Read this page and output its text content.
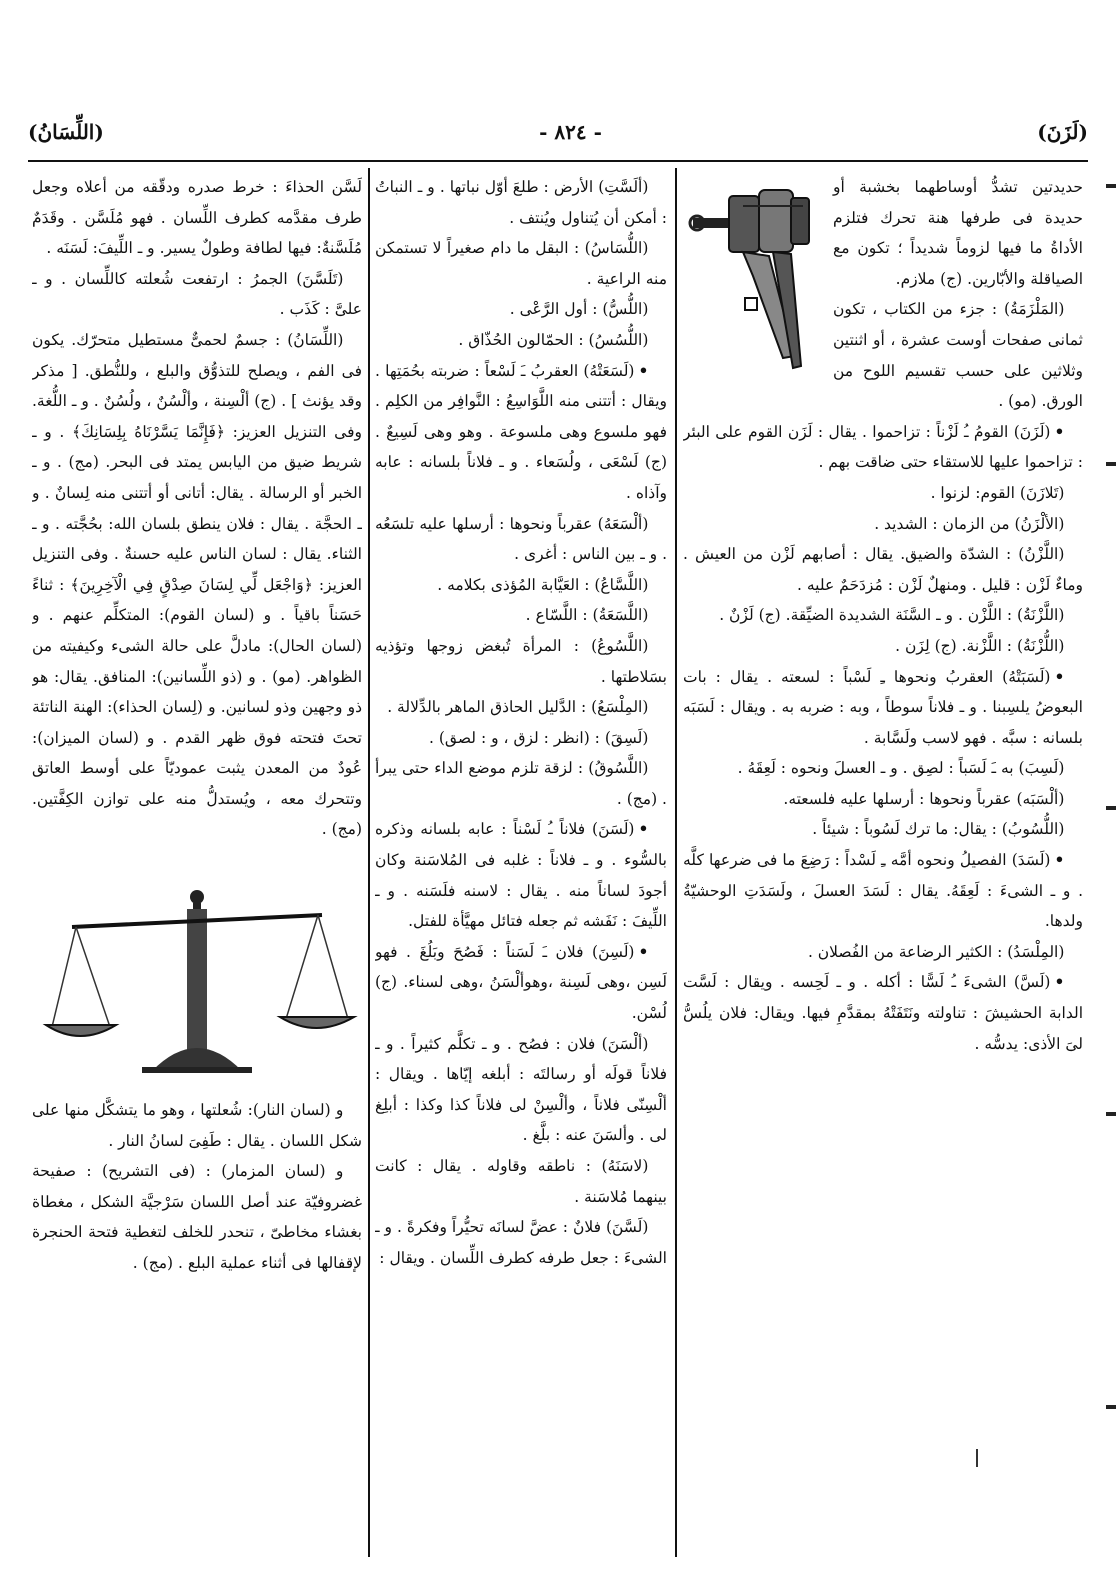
(اللِّسَانُ)	- ٨٢٤ -	(لَزَنَ)

حديدتين تشدُّ أوساطهما بخشبة أو حديدة فى طرفها هنة تحرك فتلزم الأداةُ ما فيها لزوماً شديداً ؛ تكون مع الصياقلة والأبّارين. (ج) ملازم.

(المَلْزَمَةُ) : جزء من الكتاب ، تكون ثمانى صفحات أوست عشرة ، أو اثنتين وثلاثين على حسب تقسيم اللوح من الورق. (مو) .

•(لَزَنَ) القومُ ـُ لَزْناً : تزاحموا . يقال : لَزَن القوم على البئر : تزاحموا عليها للاستقاء حتى ضاقت بهم .

(تَلازَنَ) القوم: لزنوا .

(الألْزَنُ) من الزمان : الشديد .

(اللَّزْنُ) : الشدّة والضيق. يقال : أصابهم لَزْن من العيش . وماءٌ لَزْن : قليل . ومنهلٌ لَزْن : مُزدَحَمٌ عليه .

(اللَّزْنَةُ) : اللَّزْن . و ـ السَّنَة الشديدة الضيِّقة. (ج) لَزْنٌ .

(اللُّزْنَةُ) : اللَّزْنة. (ج) لِزَن .

•(لَسَبَتْهُ) العقربُ ونحوها ـِ لَسْباً : لسعته . يقال : بات البعوضُ يلسِبنا . و ـ فلاناً سوطاً ، وبه : ضربه به . ويقال : لَسَبَه بلسانه : سبَّه . فهو لاسب ولَسَّابة .

(لَسِبَ) به ـَ لَسَباً : لصِق . و ـ العسلَ ونحوه : لَعِقَهُ .

(ألْسَبَه) عقرباً ونحوها : أرسلها عليه فلسعته.

(اللُّسُوبُ) : يقال: ما ترك لَسُوباً : شيئاً .

•(لَسَدَ) الفصيلُ ونحوه أمَّه ـِ لَسْداً : رَضِعَ ما فى ضرعها كلَّه . و ـ الشىءَ : لَعِقَهُ. يقال : لَسَدَ العسلَ ، ولَسَدَتِ الوحشيّةُ ولدها.

(المِلْسَدُ) : الكثير الرضاعة من الفُصلان .

•(لَسَّ) الشىءَ ـُ لَسًّا : أكله . و ـ لَحِسه . ويقال : لَسَّت الدابة الحشيشَ : تناولته ونَتَفَتْهُ بمقدَّمِ فيها. ويقال: فلان يلُسُّ لىَ الأذى: يدسُّه .

(ألَسَّتِ) الأرض : طلعَ أوّل نباتها . و ـ النباتُ : أمكن أن يُتناول ويُنتف .

(اللُّسَاسُ) : البقل ما دام صغيراً لا تستمكن منه الراعية .

(اللُّسُّ) : أول الرَّعْى .

(اللُّسُسُ) : الحمّالون الحُذّاق .

•(لَسَعَتْهُ) العقربُ ـَ لَسْعاً : ضربته بحُمَتِها . ويقال : أتتنى منه اللَّوَاسِعُ : النَّوافِر من الكلِم . فهو ملسوع وهى ملسوعة . وهو وهى لَسِيعٌ . (ج) لَسْعَى ، ولُسَعاء . و ـ فلاناً بلسانه : عابه وآذاه .

(ألْسَعَهُ) عقرباً ونحوها : أرسلها عليه تلسَعُه . و ـ بين الناس : أغرى .

(اللَّسَّاعُ) : العَيَّابة المُؤذى بكلامه .

(اللَّسَعَةُ) : اللَّسّاع .

(اللَّسُوعُ) : المرأة تُبغض زوجها وتؤذيه بسَلاطتها .

(المِلْسَعُ) : الدَّليل الحاذق الماهر بالدِّلالة .

(لَسِقَ) : (انظر : لزق ، و : لصق) .

(اللَّسُوقُ) : لزقة تلزم موضع الداء حتى يبرأ . (مج) .

•(لَسَنَ) فلاناً ـُ لَسْناً : عابه بلسانه وذكره بالسُّوء . و ـ فلاناً : غلبه فى المُلاسَنة وكان أجودَ لساناً منه . يقال : لاسنه فلَسَنه . و ـ اللِّيفَ : نَفَشه ثم جعله فتائل مهيَّأة للفتل.

•(لَسِنَ) فلان ـَ لَسَناً : فَصُحَ وبَلُغَ . فهو لَسِن ،وهى لَسِنة ،وهوألْسَنُ ،وهى لسناء. (ج) لُسْن.

(ألْسَنَ) فلان : فصُح . و ـ تكلَّم كثيراً . و ـ فلاناً قولَه أو رسالتَه : أبلغه إيّاها . ويقال : ألْسِنّى فلاناً ، وألْسِنْ لى فلاناً كذا وكذا : أبلِغ لى . وألسَنَ عنه : بلَّغ .

(لاسَنَهُ) : ناطقه وقاوله . يقال : كانت بينهما مُلاسَنة .

(لَسَّنَ) فلانٌ : عضَّ لسانَه تحيُّراً وفكرةً . و ـ الشىءَ : جعل طرفه كطرف اللِّسان . ويقال :

لَسَّن الحذاءَ : خرط صدره ودقّقه من أعلاه وجعل طرف مقدَّمه كطرف اللِّسان . فهو مُلَسَّن . وقَدَمٌ مُلَسَّنةٌ: فيها لطافة وطولٌ يسير. و ـ اللِّيفَ: لَسَنَه .

(تَلَسَّنَ) الجمرُ : ارتفعت شُعلته كاللِّسان . و ـ علىَّ : كَذَب .

(اللِّسَانُ) : جسمٌ لحمىٌّ مستطيل متحرّك. يكون فى الفم ، ويصلح للتذوُّق والبلع ، وللنُّطق. [ مذكر وقد يؤنث ] . (ج) ألْسِنة ، وألْسُنٌ ، ولُسُنٌ . و ـ اللُّغة. وفى التنزيل العزيز: ﴿فَإِنَّمَا يَسَّرْنَاهُ بِلِسَانِكَ﴾ . و ـ شريط ضيق من اليابس يمتد فى البحر. (مج) . و ـ الخبر أو الرسالة . يقال: أتانى أو أتتنى منه لِسانٌ . و ـ الحجَّة . يقال : فلان ينطق بلسان الله: بحُجَّته . و ـ الثناء. يقال : لسان الناس عليه حسنةٌ . وفى التنزيل العزيز: ﴿وَاجْعَل لِّي لِسَانَ صِدْقٍ فِي الْآخِرِينَ﴾ : ثناءً حَسَناً باقياً . و (لسان القوم): المتكلِّم عنهم . و (لسان الحال): مادلَّ على حالة الشىء وكيفيته من الظواهر. (مو) . و (ذو اللِّسانين): المنافق. يقال: هو ذو وجهين وذو لسانين. و (لِسان الحذاء): الهنة الناتئة تحتَ فتحته فوق ظهر القدم . و (لسان الميزان): عُودٌ من المعدن يثبت عموديّاً على أوسط العاتق وتتحرك معه ، ويُستدلُّ منه على توازن الكِفَّتين. (مج) .

و (لسان النار): شُعلتها ، وهو ما يتشكَّل منها على شكل اللسان . يقال : طَفِىَ لسانُ النار .

و (لسان المزمار) : (فى التشريح) : صفيحة غضروفيّة عند أصل اللسان سَرْجيَّة الشكل ، مغطاة بغشاء مخاطىّ ، تنحدر للخلف لتغطية فتحة الحنجرة لإقفالها فى أثناء عملية البلع . (مج) .
